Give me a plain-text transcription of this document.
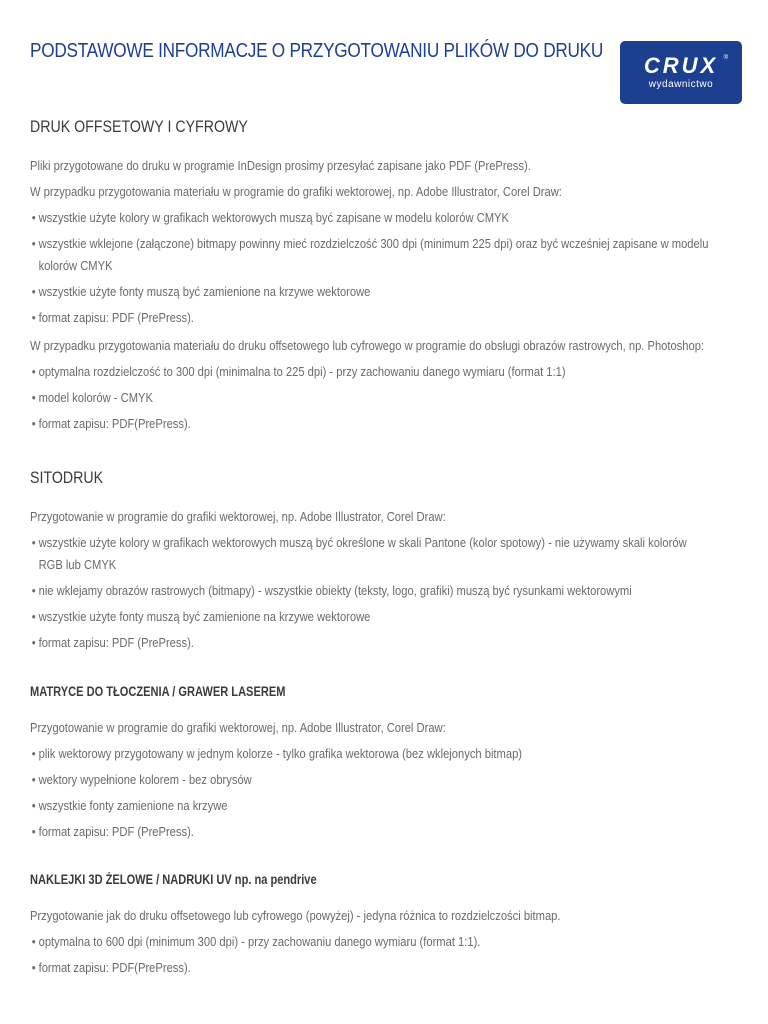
PODSTAWOWE INFORMACJE O PRZYGOTOWANIU PLIKÓW DO DRUKU
CRUX ®
wydawnictwo
DRUK OFFSETOWY I CYFROWY
Pliki przygotowane do druku w programie InDesign prosimy przesyłać zapisane jako PDF (PrePress).
W przypadku przygotowania materiału w programie do grafiki wektorowej, np. Adobe Illustrator, Corel Draw:
• wszystkie użyte kolory w grafikach wektorowych muszą być zapisane w modelu kolorów CMYK
• wszystkie wklejone (załączone) bitmapy powinny mieć rozdzielczość 300 dpi (minimum 225 dpi) oraz być wcześniej zapisane w modelu
kolorów CMYK
• wszystkie użyte fonty muszą być zamienione na krzywe wektorowe
• format zapisu: PDF (PrePress).
W przypadku przygotowania materiału do druku offsetowego lub cyfrowego w programie do obsługi obrazów rastrowych, np. Photoshop:
• optymalna rozdzielczość to 300 dpi (minimalna to 225 dpi) - przy zachowaniu danego wymiaru (format 1:1)
• model kolorów - CMYK
• format zapisu: PDF(PrePress).
SITODRUK
Przygotowanie w programie do grafiki wektorowej, np. Adobe Illustrator, Corel Draw:
• wszystkie użyte kolory w grafikach wektorowych muszą być określone w skali Pantone (kolor spotowy) - nie używamy skali kolorów
RGB lub CMYK
• nie wklejamy obrazów rastrowych (bitmapy) - wszystkie obiekty (teksty, logo, grafiki) muszą być rysunkami wektorowymi
• wszystkie użyte fonty muszą być zamienione na krzywe wektorowe
• format zapisu: PDF (PrePress).
MATRYCE DO TŁOCZENIA / GRAWER LASEREM
Przygotowanie w programie do grafiki wektorowej, np. Adobe Illustrator, Corel Draw:
• plik wektorowy przygotowany w jednym kolorze - tylko grafika wektorowa (bez wklejonych bitmap)
• wektory wypełnione kolorem - bez obrysów
• wszystkie fonty zamienione na krzywe
• format zapisu: PDF (PrePress).
NAKLEJKI 3D ŻELOWE / NADRUKI UV np. na pendrive
Przygotowanie jak do druku offsetowego lub cyfrowego (powyżej) - jedyna różnica to rozdzielczości bitmap.
• optymalna to 600 dpi (minimum 300 dpi) - przy zachowaniu danego wymiaru (format 1:1).
• format zapisu: PDF(PrePress).
